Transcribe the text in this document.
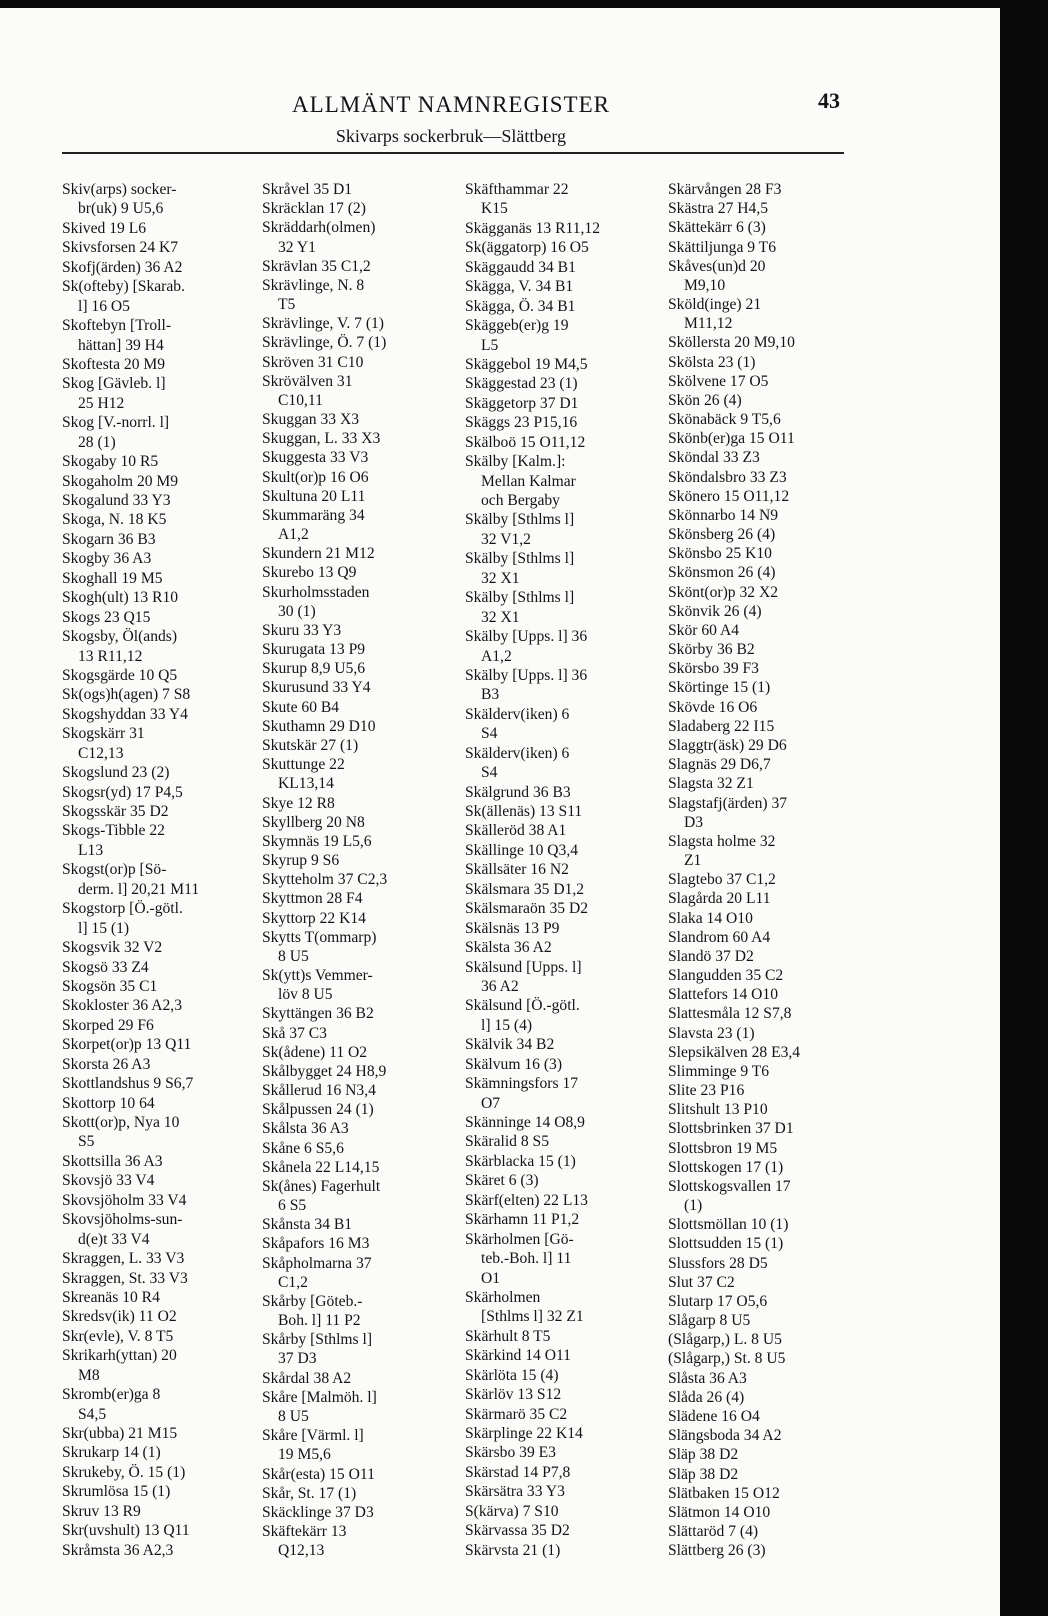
43
ALLMÄNT NAMNREGISTER
Skivarps sockerbruk—Slättberg
Skiv(arps) socker-
br(uk) 9 U5,6
Skived 19 L6
Skivsforsen 24 K7
Skofj(ärden) 36 A2
Sk(ofteby) [Skarab.
l] 16 O5
Skoftebyn [Troll-
hättan] 39 H4
Skoftesta 20 M9
Skog [Gävleb. l]
25 H12
Skog [V.-norrl. l]
28 (1)
Skogaby 10 R5
Skogaholm 20 M9
Skogalund 33 Y3
Skoga, N. 18 K5
Skogarn 36 B3
Skogby 36 A3
Skoghall 19 M5
Skogh(ult) 13 R10
Skogs 23 Q15
Skogsby, Öl(ands)
13 R11,12
Skogsgärde 10 Q5
Sk(ogs)h(agen) 7 S8
Skogshyddan 33 Y4
Skogskärr 31
C12,13
Skogslund 23 (2)
Skogsr(yd) 17 P4,5
Skogsskär 35 D2
Skogs-Tibble 22
L13
Skogst(or)p [Sö-
derm. l] 20,21 M11
Skogstorp [Ö.-götl.
l] 15 (1)
Skogsvik 32 V2
Skogsö 33 Z4
Skogsön 35 C1
Skokloster 36 A2,3
Skorped 29 F6
Skorpet(or)p 13 Q11
Skorsta 26 A3
Skottlandshus 9 S6,7
Skottorp 10 64
Skott(or)p, Nya 10
S5
Skottsilla 36 A3
Skovsjö 33 V4
Skovsjöholm 33 V4
Skovsjöholms-sun-
d(e)t 33 V4
Skraggen, L. 33 V3
Skraggen, St. 33 V3
Skreanäs 10 R4
Skredsv(ik) 11 O2
Skr(evle), V. 8 T5
Skrikarh(yttan) 20
M8
Skromb(er)ga 8
S4,5
Skr(ubba) 21 M15
Skrukarp 14 (1)
Skrukeby, Ö. 15 (1)
Skrumlösa 15 (1)
Skruv 13 R9
Skr(uvshult) 13 Q11
Skråmsta 36 A2,3
Skråvel 35 D1
Skräcklan 17 (2)
Skräddarh(olmen)
32 Y1
Skrävlan 35 C1,2
Skrävlinge, N. 8
T5
Skrävlinge, V. 7 (1)
Skrävlinge, Ö. 7 (1)
Skröven 31 C10
Skrövälven 31
C10,11
Skuggan 33 X3
Skuggan, L. 33 X3
Skuggesta 33 V3
Skult(or)p 16 O6
Skultuna 20 L11
Skummaräng 34
A1,2
Skundern 21 M12
Skurebo 13 Q9
Skurholmsstaden
30 (1)
Skuru 33 Y3
Skurugata 13 P9
Skurup 8,9 U5,6
Skurusund 33 Y4
Skute 60 B4
Skuthamn 29 D10
Skutskär 27 (1)
Skuttunge 22
KL13,14
Skye 12 R8
Skyllberg 20 N8
Skymnäs 19 L5,6
Skyrup 9 S6
Skytteholm 37 C2,3
Skyttmon 28 F4
Skyttorp 22 K14
Skytts T(ommarp)
8 U5
Sk(ytt)s Vemmer-
löv 8 U5
Skyttängen 36 B2
Skå 37 C3
Sk(ådene) 11 O2
Skålbygget 24 H8,9
Skållerud 16 N3,4
Skålpussen 24 (1)
Skålsta 36 A3
Skåne 6 S5,6
Skånela 22 L14,15
Sk(ånes) Fagerhult
6 S5
Skånsta 34 B1
Skåpafors 16 M3
Skåpholmarna 37
C1,2
Skårby [Göteb.-
Boh. l] 11 P2
Skårby [Sthlms l]
37 D3
Skårdal 38 A2
Skåre [Malmöh. l]
8 U5
Skåre [Värml. l]
19 M5,6
Skår(esta) 15 O11
Skår, St. 17 (1)
Skäcklinge 37 D3
Skäftekärr 13
Q12,13
Skäfthammar 22
K15
Skägganäs 13 R11,12
Sk(äggatorp) 16 O5
Skäggaudd 34 B1
Skägga, V. 34 B1
Skägga, Ö. 34 B1
Skäggeb(er)g 19
L5
Skäggebol 19 M4,5
Skäggestad 23 (1)
Skäggetorp 37 D1
Skäggs 23 P15,16
Skälboö 15 O11,12
Skälby [Kalm.]:
Mellan Kalmar
och Bergaby
Skälby [Sthlms l]
32 V1,2
Skälby [Sthlms l]
32 X1
Skälby [Sthlms l]
32 X1
Skälby [Upps. l] 36
A1,2
Skälby [Upps. l] 36
B3
Skälderv(iken) 6
S4
Skälderv(iken) 6
S4
Skälgrund 36 B3
Sk(ällenäs) 13 S11
Skälleröd 38 A1
Skällinge 10 Q3,4
Skällsäter 16 N2
Skälsmara 35 D1,2
Skälsmaraön 35 D2
Skälsnäs 13 P9
Skälsta 36 A2
Skälsund [Upps. l]
36 A2
Skälsund [Ö.-götl.
l] 15 (4)
Skälvik 34 B2
Skälvum 16 (3)
Skämningsfors 17
O7
Skänninge 14 O8,9
Skäralid 8 S5
Skärblacka 15 (1)
Skäret 6 (3)
Skärf(elten) 22 L13
Skärhamn 11 P1,2
Skärholmen [Gö-
teb.-Boh. l] 11
O1
Skärholmen
[Sthlms l] 32 Z1
Skärhult 8 T5
Skärkind 14 O11
Skärlöta 15 (4)
Skärlöv 13 S12
Skärmarö 35 C2
Skärplinge 22 K14
Skärsbo 39 E3
Skärstad 14 P7,8
Skärsätra 33 Y3
S(kärva) 7 S10
Skärvassa 35 D2
Skärvsta 21 (1)
Skärvången 28 F3
Skästra 27 H4,5
Skättekärr 6 (3)
Skättiljunga 9 T6
Skåves(un)d 20
M9,10
Sköld(inge) 21
M11,12
Sköllersta 20 M9,10
Skölsta 23 (1)
Skölvene 17 O5
Skön 26 (4)
Skönabäck 9 T5,6
Skönb(er)ga 15 O11
Sköndal 33 Z3
Sköndalsbro 33 Z3
Skönero 15 O11,12
Skönnarbo 14 N9
Skönsberg 26 (4)
Skönsbo 25 K10
Skönsmon 26 (4)
Skönt(or)p 32 X2
Skönvik 26 (4)
Skör 60 A4
Skörby 36 B2
Skörsbo 39 F3
Skörtinge 15 (1)
Skövde 16 O6
Sladaberg 22 I15
Slaggtr(äsk) 29 D6
Slagnäs 29 D6,7
Slagsta 32 Z1
Slagstafj(ärden) 37
D3
Slagsta holme 32
Z1
Slagtebo 37 C1,2
Slagårda 20 L11
Slaka 14 O10
Slandrom 60 A4
Slandö 37 D2
Slangudden 35 C2
Slattefors 14 O10
Slattesmåla 12 S7,8
Slavsta 23 (1)
Slepsikälven 28 E3,4
Slimminge 9 T6
Slite 23 P16
Slitshult 13 P10
Slottsbrinken 37 D1
Slottsbron 19 M5
Slottskogen 17 (1)
Slottskogsvallen 17
(1)
Slottsmöllan 10 (1)
Slottsudden 15 (1)
Slussfors 28 D5
Slut 37 C2
Slutarp 17 O5,6
Slågarp 8 U5
(Slågarp,) L. 8 U5
(Slågarp,) St. 8 U5
Slåsta 36 A3
Slåda 26 (4)
Slädene 16 O4
Slängsboda 34 A2
Släp 38 D2
Släp 38 D2
Slätbaken 15 O12
Slätmon 14 O10
Slättaröd 7 (4)
Slättberg 26 (3)
